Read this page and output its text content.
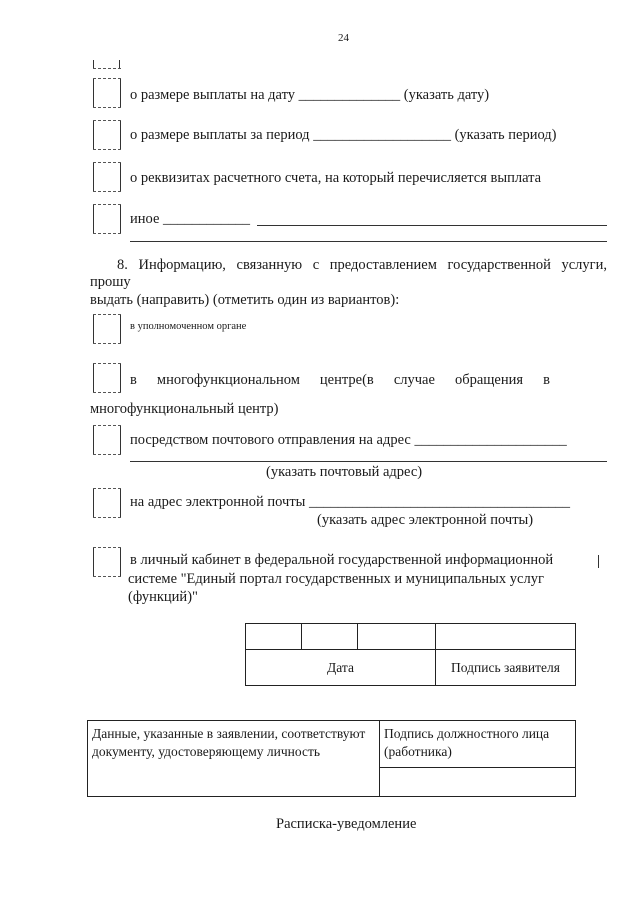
24
о размере выплаты на дату ______________ (указать дату)
о размере выплаты за период ___________________ (указать период)
о реквизитах расчетного счета, на который перечисляется выплата
иное ____________
8. Информацию, связанную с предоставлением государственной услуги,
прошу
выдать (направить) (отметить один из вариантов):
в уполномоченном органе
в многофункциональном центре(в случае обращения в
многофункциональный центр)
посредством почтового отправления на адрес _____________________
(указать почтовый адрес)
на адрес электронной почты ____________________________________
(указать адрес электронной почты)
в личный кабинет в федеральной государственной информационной
системе "Единый портал государственных и муниципальных услуг
(функций)"

Дата			Подпись заявителя
Данные, указанные в заявлении, соответствуют документу, удостоверяющему личность	Подпись должностного лица (работника)

Расписка-уведомление
